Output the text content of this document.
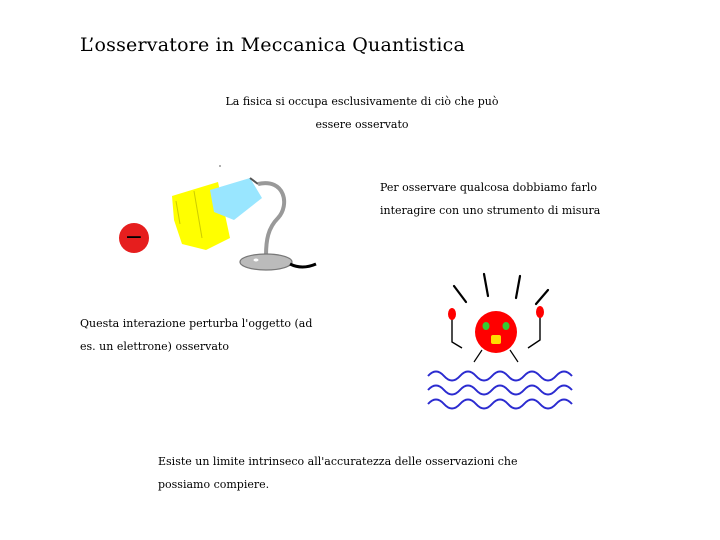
L’osservatore in Meccanica Quantistica
La fisica si occupa esclusivamente di ciò che può essere osservato
−
Per osservare qualcosa dobbiamo farlo interagire con uno strumento di misura
Questa interazione perturba l'oggetto (ad es. un elettrone) osservato
Esiste un limite intrinseco all'accuratezza delle osservazioni che possiamo compiere.
